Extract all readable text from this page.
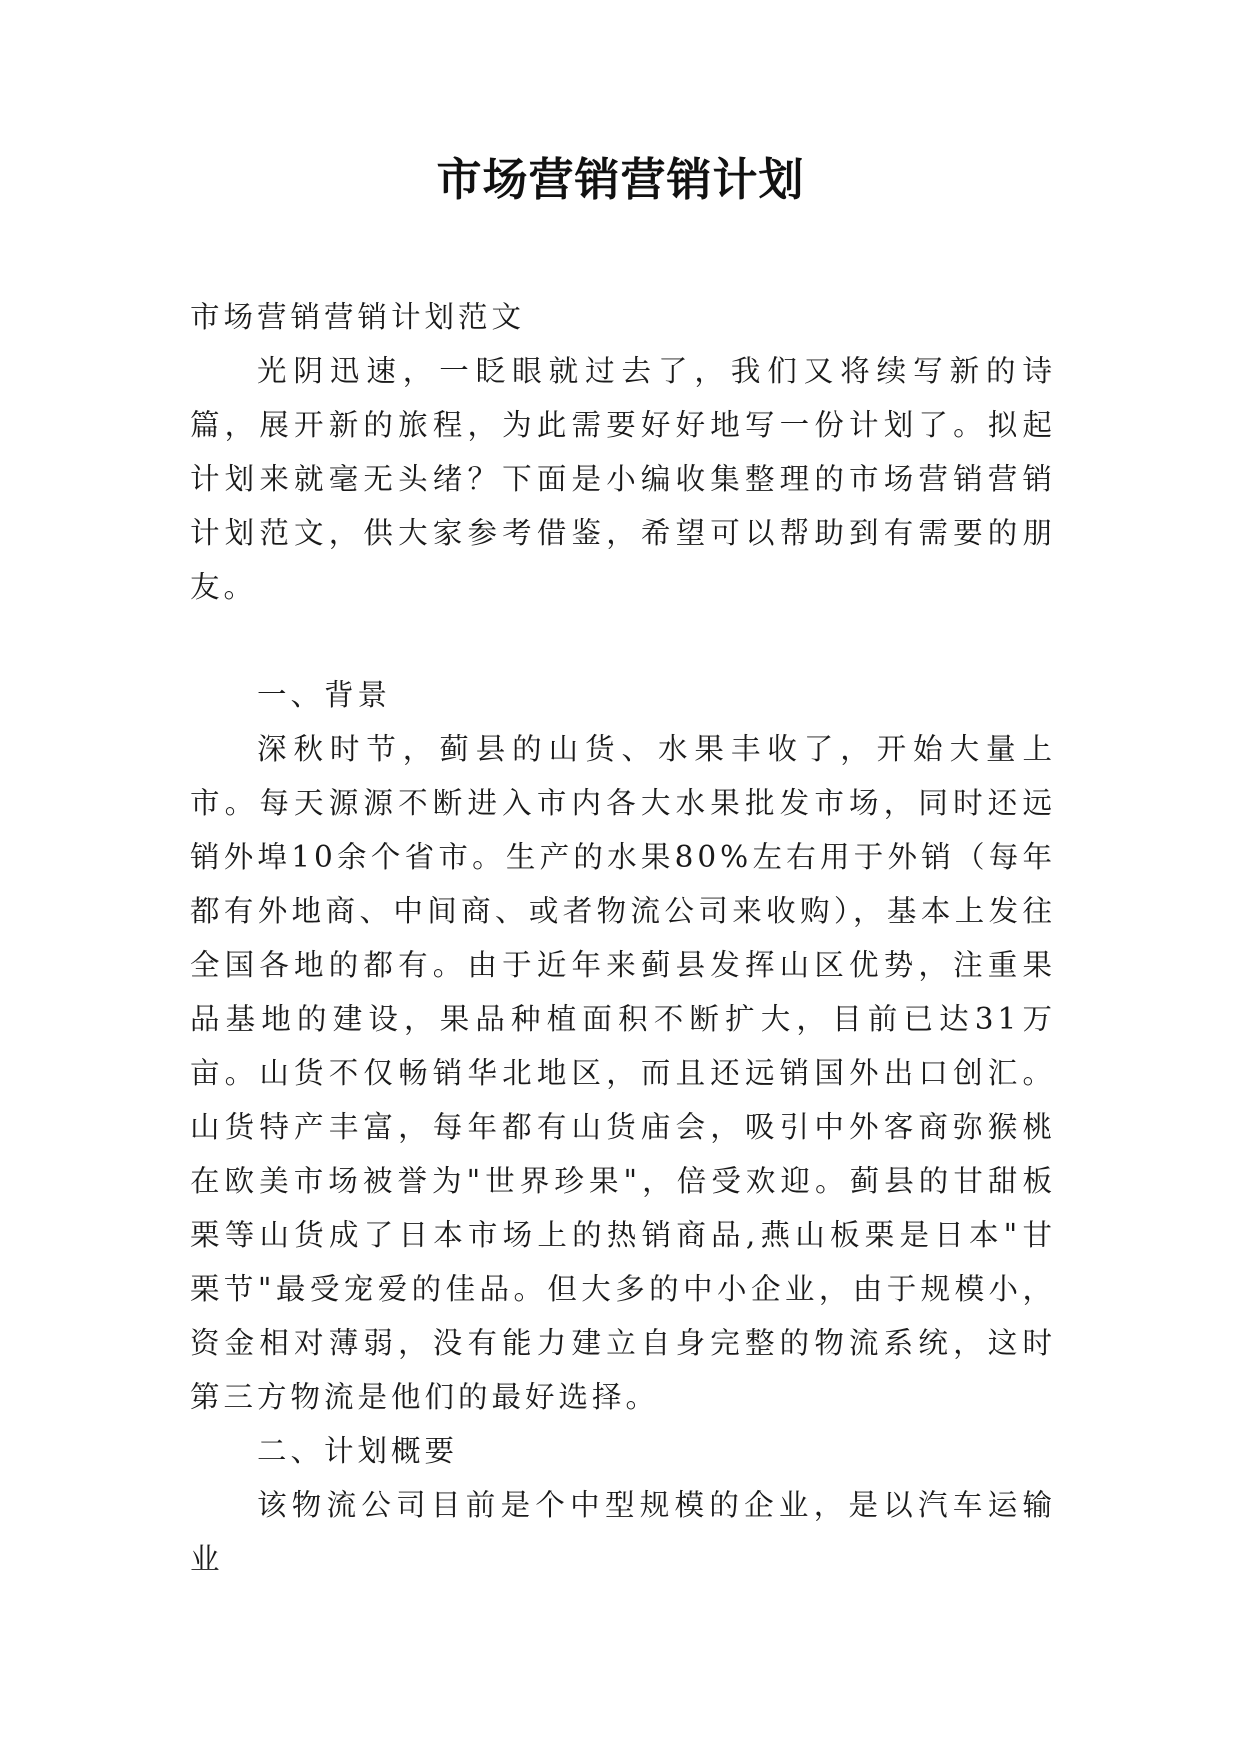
市场营销营销计划

市场营销营销计划范文

光阴迅速，一眨眼就过去了，我们又将续写新的诗篇，展开新的旅程，为此需要好好地写一份计划了。拟起计划来就毫无头绪？下面是小编收集整理的市场营销营销计划范文，供大家参考借鉴，希望可以帮助到有需要的朋友。

一、背景

深秋时节，蓟县的山货、水果丰收了，开始大量上市。每天源源不断进入市内各大水果批发市场，同时还远销外埠10余个省市。生产的水果80%左右用于外销（每年都有外地商、中间商、或者物流公司来收购），基本上发往全国各地的都有。由于近年来蓟县发挥山区优势，注重果品基地的建设，果品种植面积不断扩大，目前已达31万亩。山货不仅畅销华北地区，而且还远销国外出口创汇。山货特产丰富，每年都有山货庙会，吸引中外客商弥猴桃在欧美市场被誉为"世界珍果"，倍受欢迎。蓟县的甘甜板栗等山货成了日本市场上的热销商品,燕山板栗是日本"甘栗节"最受宠爱的佳品。但大多的中小企业，由于规模小，资金相对薄弱，没有能力建立自身完整的物流系统，这时第三方物流是他们的最好选择。

二、计划概要

该物流公司目前是个中型规模的企业，是以汽车运输业
